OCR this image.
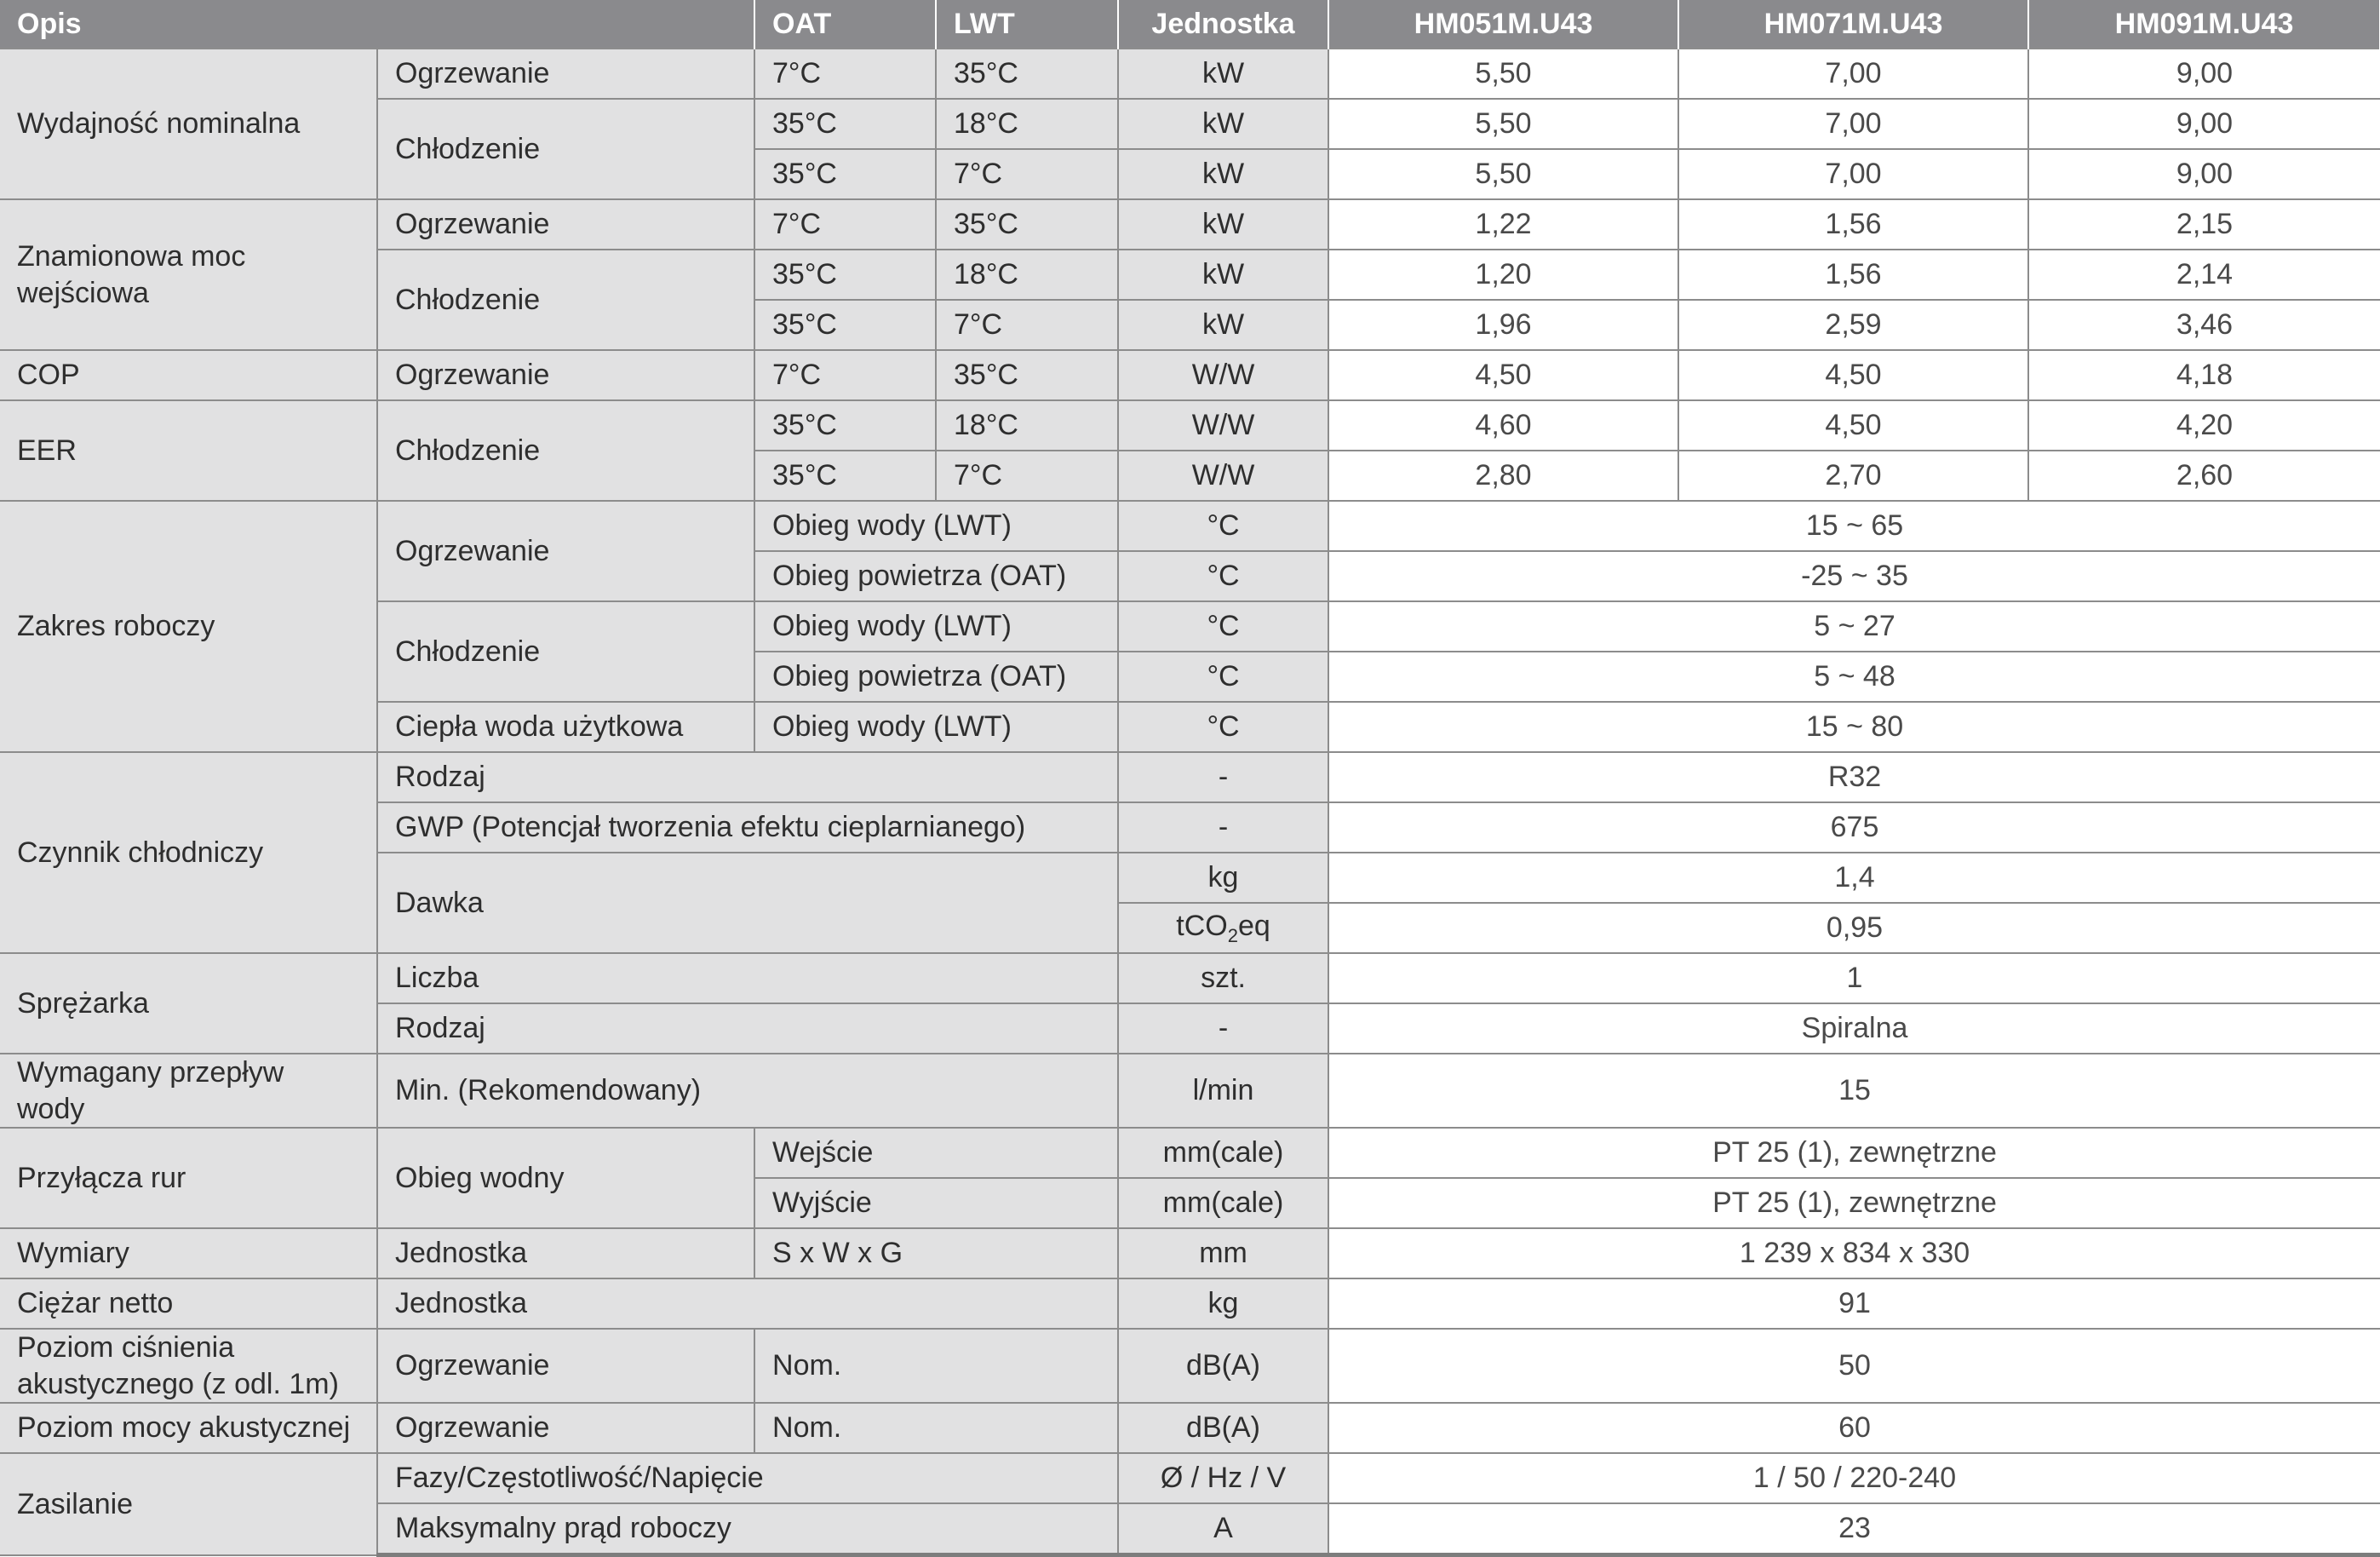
Opis		OAT	LWT	Jednostka	HM051M.U43	HM071M.U43	HM091M.U43
Wydajność nominalna	Ogrzewanie	7°C	35°C	kW	5,50	7,00	9,00
	Chłodzenie	35°C	18°C	kW	5,50	7,00	9,00
		35°C	7°C	kW	5,50	7,00	9,00
Znamionowa moc wejściowa	Ogrzewanie	7°C	35°C	kW	1,22	1,56	2,15
	Chłodzenie	35°C	18°C	kW	1,20	1,56	2,14
		35°C	7°C	kW	1,96	2,59	3,46
COP	Ogrzewanie	7°C	35°C	W/W	4,50	4,50	4,18
EER	Chłodzenie	35°C	18°C	W/W	4,60	4,50	4,20
		35°C	7°C	W/W	2,80	2,70	2,60
Zakres roboczy	Ogrzewanie	Obieg wody (LWT)		°C	15 ~ 65		
		Obieg powietrza (OAT)		°C	-25 ~ 35		
	Chłodzenie	Obieg wody (LWT)		°C	5 ~ 27		
		Obieg powietrza (OAT)		°C	5 ~ 48		
	Ciepła woda użytkowa	Obieg wody (LWT)		°C	15 ~ 80		
Czynnik chłodniczy	Rodzaj			-	R32		
	GWP (Potencjał tworzenia efektu cieplarnianego)			-	675		
	Dawka			kg	1,4		
				tCO$_2$eq	0,95		
Sprężarka	Liczba			szt.	1		
	Rodzaj			-	Spiralna		
Wymagany przepływ wody	Min. (Rekomendowany)			l/min	15		
Przyłącza rur	Obieg wodny	Wejście		mm(cale)	PT 25 (1), zewnętrzne		
		Wyjście		mm(cale)	PT 25 (1), zewnętrzne		
Wymiary	Jednostka	S x W x G		mm	1 239 x 834 x 330		
Ciężar netto	Jednostka			kg	91		
Poziom ciśnienia akustycznego (z odl. 1m)	Ogrzewanie	Nom.		dB(A)	50		
Poziom mocy akustycznej	Ogrzewanie	Nom.		dB(A)	60		
Zasilanie	Fazy/Częstotliwość/Napięcie			Ø / Hz / V	1 / 50 / 220-240		
	Maksymalny prąd roboczy			A	23		
